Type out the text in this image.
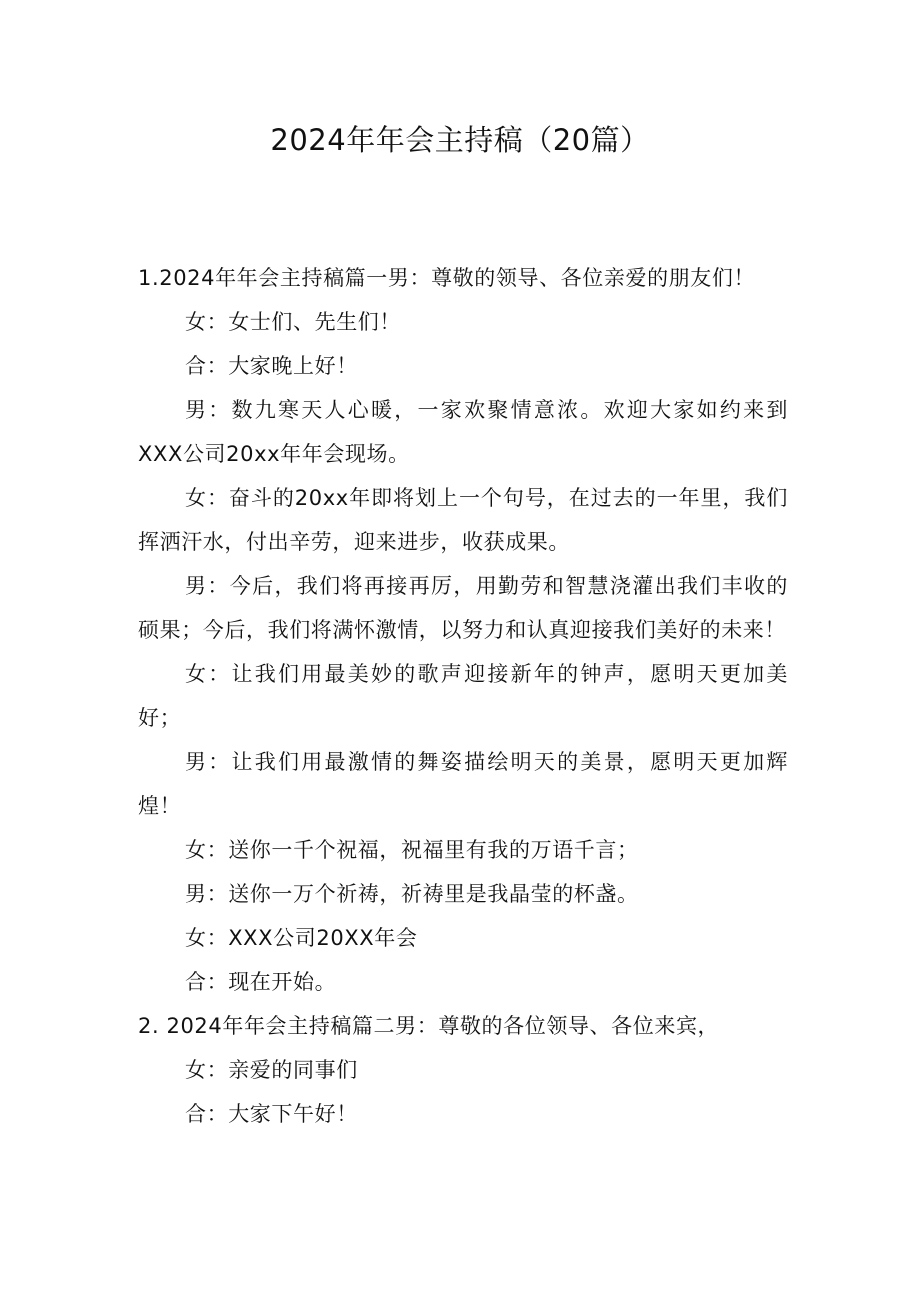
2024年年会主持稿（20篇）

1.2024年年会主持稿篇一男：尊敬的领导、各位亲爱的朋友们！

女：女士们、先生们！

合：大家晚上好！

男：数九寒天人心暖，一家欢聚情意浓。欢迎大家如约来到XXX公司20xx年年会现场。

女：奋斗的20xx年即将划上一个句号，在过去的一年里，我们挥洒汗水，付出辛劳，迎来进步，收获成果。

男：今后，我们将再接再厉，用勤劳和智慧浇灌出我们丰收的硕果；今后，我们将满怀激情，以努力和认真迎接我们美好的未来！

女：让我们用最美妙的歌声迎接新年的钟声，愿明天更加美好；

男：让我们用最激情的舞姿描绘明天的美景，愿明天更加辉煌！

女：送你一千个祝福，祝福里有我的万语千言；

男：送你一万个祈祷，祈祷里是我晶莹的杯盏。

女：XXX公司20XX年会

合：现在开始。

2. 2024年年会主持稿篇二男：尊敬的各位领导、各位来宾，

女：亲爱的同事们

合：大家下午好！
